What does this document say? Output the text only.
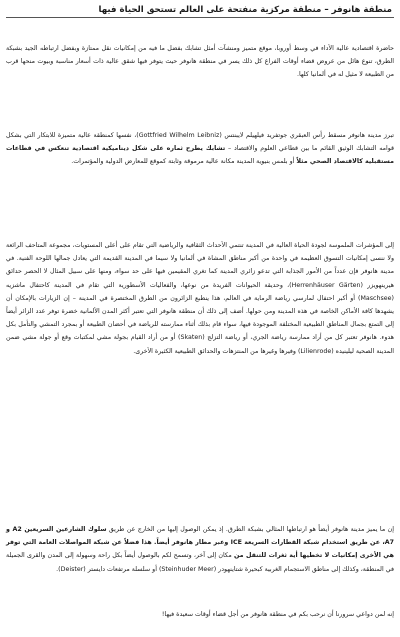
منطقة هانوفر – منطقة مركزية منفتحة على العالم تستحق الحياة فيها

حاضرة اقتصادية عالية الأداء في وسط أوروبا، موقع متميز ومنشآت أمثل تشابك بفضل ما فيه من إمكانيات نقل ممتازة وبفضل ارتباطه الجيد بشبكة الطرق، تنوع هائل من عروض قضاء أوقات الفراغ كل ذلك يسر في منطقة هانوفر حيث يتوفر فيها شقق عالية ذات أسعار مناسبة وبيوت منحها قرب من الطبيعة لا مثيل له في ألمانيا كلها.

تبرز مدينة هانوفر مسقط رأس العبقري جوتفريد فيلهيلم لايبنتس (Gottfried Wilhelm Leibniz)، نفسها كمنطقة عالية متميزة للابتكار التي بشكل قوامه التشابك الوثيق القائم ما بين قطاعي العلوم والاقتصاد – تشابك يطرح ثماره على شكل ديناميكية اقتصادية تنعكس في قطاعات مستقبلية كالاقتصاد الصحي مثلاً أو بلمس بنيوية المدينة مكانة عالية مرموقة وثابتة كموقع للمعارض الدولية والمؤتمرات.

إلى المؤشرات الملموسة لجودة الحياة العالية في المدينة تنتمي الأحداث الثقافية والرياضية التي تقام على أعلى المستويات، مجموعة المتاحف الرائعة ولا ننسى إمكانيات التسوق العظيمة في واحدة من أكبر مناطق المشاة في ألمانيا ولا سيما في المدينة القديمة التي يعادل جمالها اللوحة الفنية. في مدينة هانوفر فإن عدداً من الأمور الجذابة التي تدعو زائري المدينة كما تغري المقيمين فيها على حد سواء، ومنها على سبيل المثال لا الحصر حدائق هيرينهويزر (Herrenhäuser Gärten)، وحديقة الحيوانات الفريدة من نوعها، والفعاليات الأسطورية التي تقام في المدينة كاحتفال ماشزيه (Maschsee) أو أكبر احتفال لمارسي رياضة الرماية في العالم، هذا ينطبع الزائرون من الطرق المختصرة في المدينة – إن الزيارات بالإمكان أن يشهدها كافة الأماكن الخاصة في هذه المدينة ومن حولها. أضف إلى ذلك أن منطقة هانوفر التي تعتبر أكثر المدن الألمانية خضرة توفر عدد الزائر أيضاً إلى التمتع بجمال المناطق الطبيعية المختلفة الموجودة فيها، سواء قام بذلك أثناء ممارسته للرياضة في أحضان الطبيعة أو بمجرد التمشي والتأمل بكل هدوء. هانوفر تعتبر كل من أراد ممارسة رياضة الجري، أو رياضة التزلج (Skaten) أو من أراد القيام بجولة مشي لمكتبات وقع أو جولة مشي ضمن المدينة الصحية ليلينيده (Lilienrode) وفيرها وغيرها من المنتزهات والحدائق الطبيعية الكثيرة الأخرى.

إن ما يميز مدينة هانوفر أيضاً هو ارتباطها المثالي بشبكة الطرق. إذ يمكن الوصول إليها من الخارج عن طريق سلوك الشارعين السريعين A2 و A7، عن طريق استخدام شبكة القطارات السريعة ICE وعبر مطار هانوفر أيضاً. هذا فضلاً عن شبكة المواصلات العامة التي توفر هي الأخرى إمكانيات لا تخطيها أية ثغرات للتنقل من مكان إلى آخر، وتسمح لكم بالوصول أيضاً بكل راحة وسهولة إلى المدن والقرى الجميلة في المنطقة، وكذلك إلى مناطق الاستجمام الغربية كبحيرة شتاينهودر (Steinhuder Meer) أو سلسلة مرتفعات دايستر (Deister).

إنه لمن دواعي سرورنا أن نرحب بكم في منطقة هانوفر من أجل قضاء أوقات سعيدة فيها!
